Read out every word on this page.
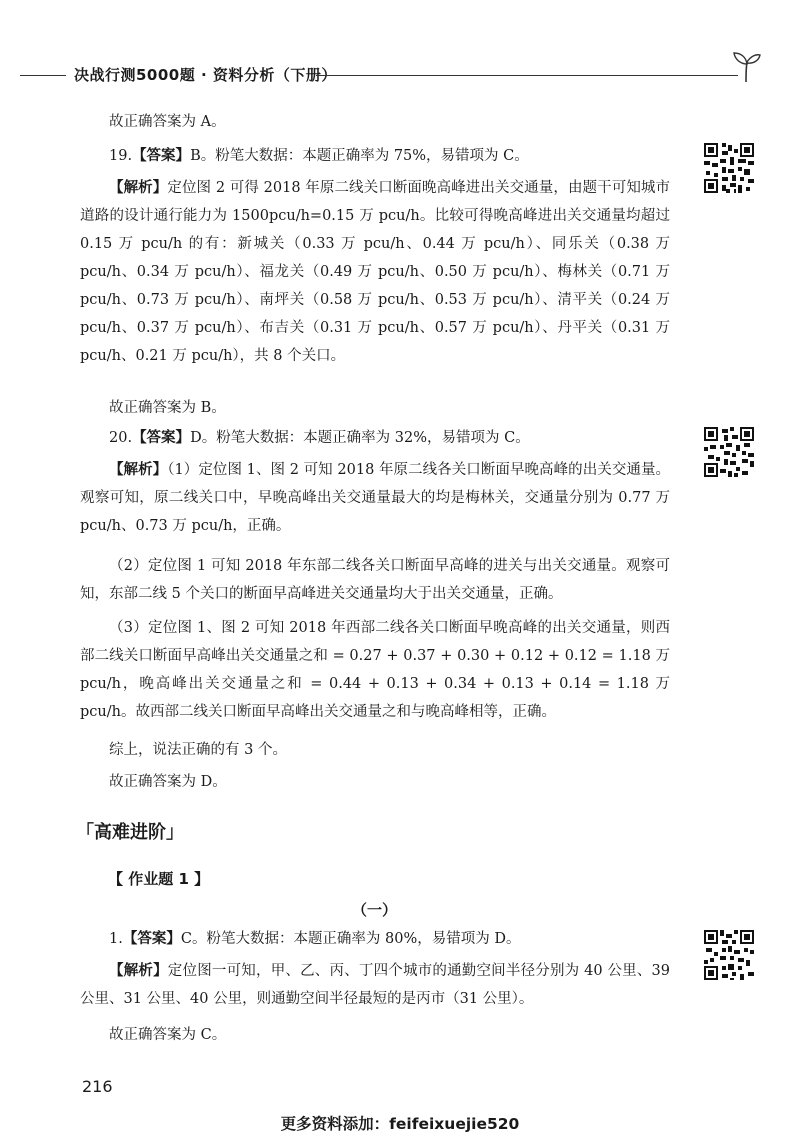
决战行测5000题 · 资料分析（下册）

故正确答案为 A。

19.【答案】B。粉笔大数据：本题正确率为 75%，易错项为 C。

【解析】定位图 2 可得 2018 年原二线关口断面晚高峰进出关交通量，由题干可知城市道路的设计通行能力为 1500pcu/h=0.15 万 pcu/h。比较可得晚高峰进出关交通量均超过 0.15 万 pcu/h 的有：新城关（0.33 万 pcu/h、0.44 万 pcu/h）、同乐关（0.38 万 pcu/h、0.34 万 pcu/h）、福龙关（0.49 万 pcu/h、0.50 万 pcu/h）、梅林关（0.71 万 pcu/h、0.73 万 pcu/h）、南坪关（0.58 万 pcu/h、0.53 万 pcu/h）、清平关（0.24 万 pcu/h、0.37 万 pcu/h）、布吉关（0.31 万 pcu/h、0.57 万 pcu/h）、丹平关（0.31 万 pcu/h、0.21 万 pcu/h），共 8 个关口。

故正确答案为 B。

20.【答案】D。粉笔大数据：本题正确率为 32%，易错项为 C。

【解析】（1）定位图 1、图 2 可知 2018 年原二线各关口断面早晚高峰的出关交通量。观察可知，原二线关口中，早晚高峰出关交通量最大的均是梅林关，交通量分别为 0.77 万 pcu/h、0.73 万 pcu/h，正确。

（2）定位图 1 可知 2018 年东部二线各关口断面早高峰的进关与出关交通量。观察可知，东部二线 5 个关口的断面早高峰进关交通量均大于出关交通量，正确。

（3）定位图 1、图 2 可知 2018 年西部二线各关口断面早晚高峰的出关交通量，则西部二线关口断面早高峰出关交通量之和 = 0.27 + 0.37 + 0.30 + 0.12 + 0.12 = 1.18 万 pcu/h，晚高峰出关交通量之和 = 0.44 + 0.13 + 0.34 + 0.13 + 0.14 = 1.18 万 pcu/h。故西部二线关口断面早高峰出关交通量之和与晚高峰相等，正确。

综上，说法正确的有 3 个。

故正确答案为 D。

「高难进阶」
【 作业题 1 】
（一）

1.【答案】C。粉笔大数据：本题正确率为 80%，易错项为 D。

【解析】定位图一可知，甲、乙、丙、丁四个城市的通勤空间半径分别为 40 公里、39 公里、31 公里、40 公里，则通勤空间半径最短的是丙市（31 公里）。

故正确答案为 C。

216
更多资料添加：feifeixuejie520
